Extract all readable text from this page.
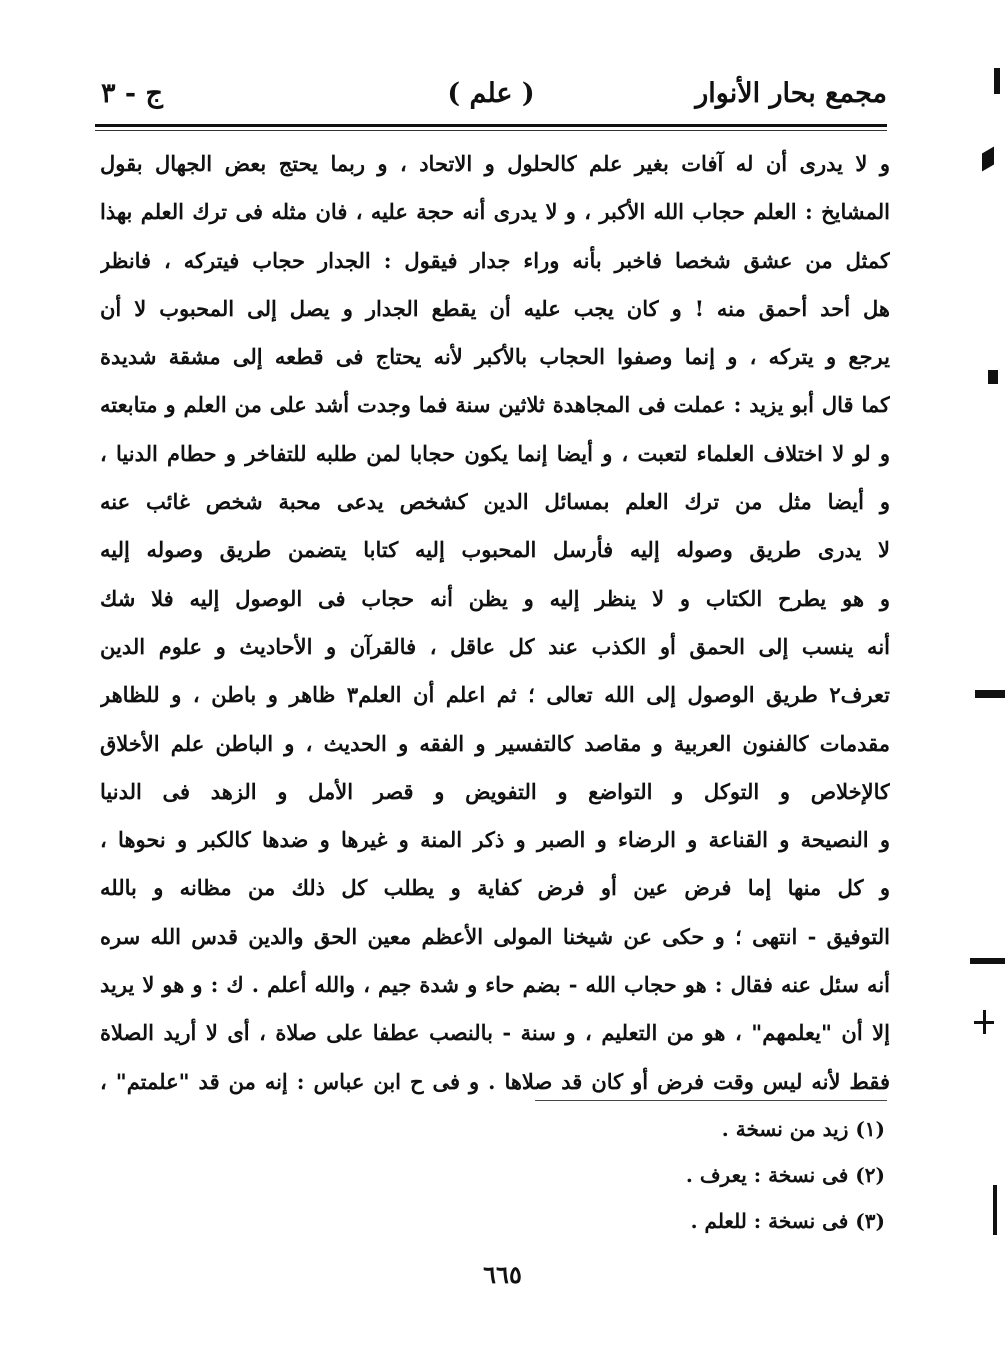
مجمع بحار الأنوار
( علم )
ج - ٣
و لا يدرى أن له آفات بغير علم كالحلول و الاتحاد ، و ربما يحتج بعض الجهال بقول
المشايخ : العلم حجاب الله الأكبر ، و لا يدرى أنه حجة عليه ، فان مثله فى ترك العلم بهذا
كمثل من عشق شخصا فاخبر بأنه وراء جدار فيقول : الجدار حجاب فيتركه ، فانظر
هل أحد أحمق منه ! و كان يجب عليه أن يقطع الجدار و يصل إلى المحبوب لا أن
يرجع و يتركه ، و إنما وصفوا الحجاب بالأكبر لأنه يحتاج فى قطعه إلى مشقة شديدة
كما قال أبو يزيد : عملت فى المجاهدة ثلاثين سنة فما وجدت أشد على من العلم و متابعته
و لو لا اختلاف العلماء لتعبت ، و أيضا إنما يكون حجابا لمن طلبه للتفاخر و حطام الدنيا ،
و أيضا مثل من ترك العلم بمسائل الدين كشخص يدعى محبة شخص غائب عنه
لا يدرى طريق وصوله إليه فأرسل المحبوب إليه كتابا يتضمن طريق وصوله إليه
و هو يطرح الكتاب و لا ينظر إليه و يظن أنه حجاب فى الوصول إليه فلا شك
أنه ينسب إلى الحمق أو الكذب عند كل عاقل ، فالقرآن و الأحاديث و علوم الدين
تعرف٢ طريق الوصول إلى الله تعالى ؛ ثم اعلم أن العلم٣ ظاهر و باطن ، و للظاهر
مقدمات كالفنون العربية و مقاصد كالتفسير و الفقه و الحديث ، و الباطن علم الأخلاق
كالإخلاص و التوكل و التواضع و التفويض و قصر الأمل و الزهد فى الدنيا
و النصيحة و القناعة و الرضاء و الصبر و ذكر المنة و غيرها و ضدها كالكبر و نحوها ،
و كل منها إما فرض عين أو فرض كفاية و يطلب كل ذلك من مظانه و بالله
التوفيق - انتهى ؛ و حكى عن شيخنا المولى الأعظم معين الحق والدين قدس الله سره
أنه سئل عنه فقال : هو حجاب الله - بضم حاء و شدة جيم ، والله أعلم . ك : و هو لا يريد
إلا أن "يعلمهم" ، هو من التعليم ، و سنة - بالنصب عطفا على صلاة ، أى لا أريد الصلاة
فقط لأنه ليس وقت فرض أو كان قد صلاها . و فى ح ابن عباس : إنه من قد "علمتم" ،
(١) زيد من نسخة .
(٢) فى نسخة : يعرف .
(٣) فى نسخة : للعلم .
٦٦٥
